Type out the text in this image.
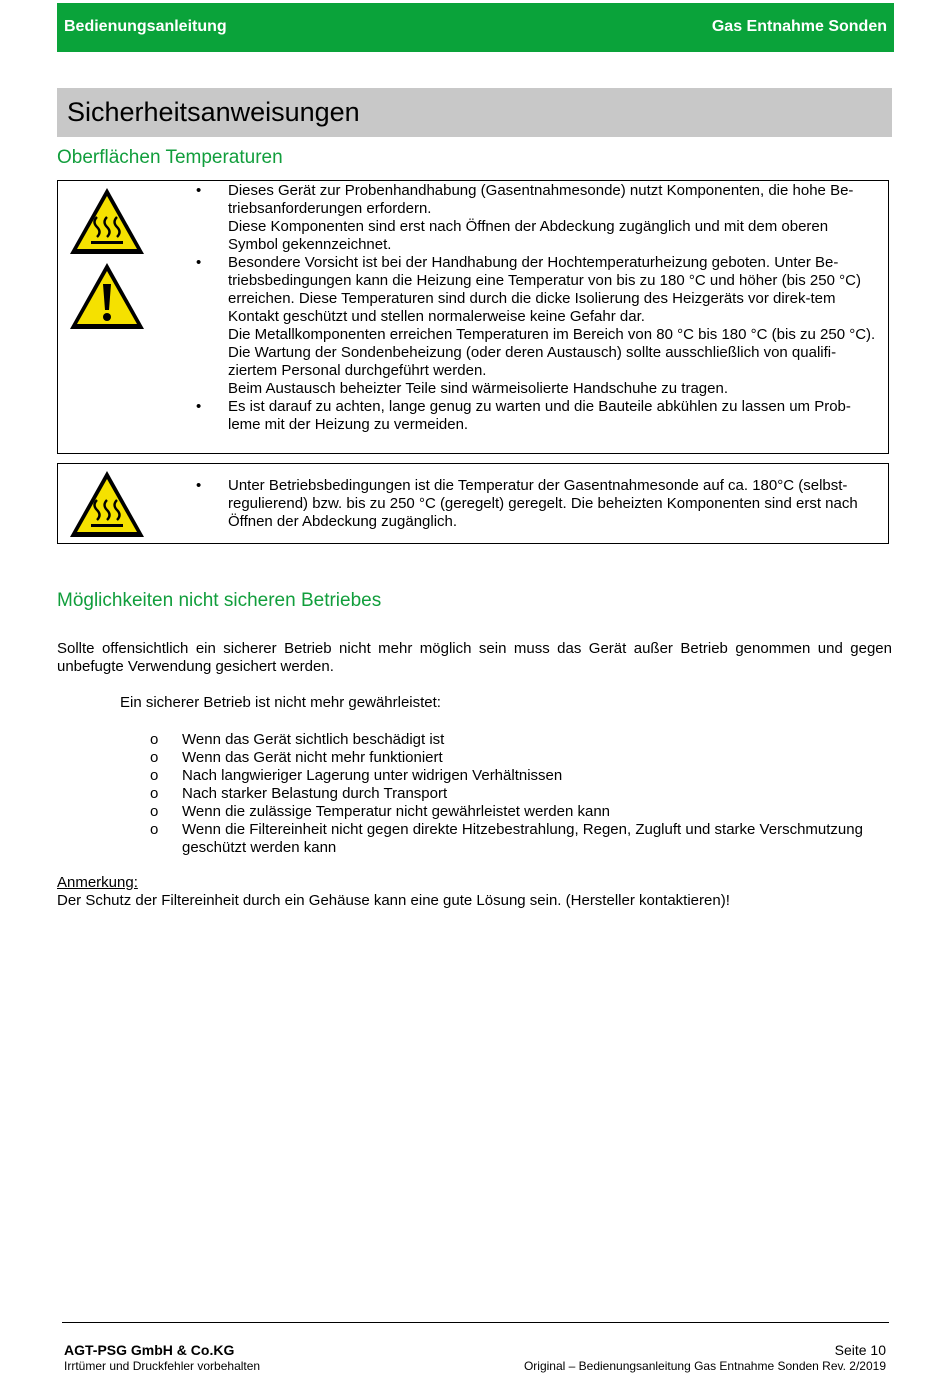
Bedienungsanleitung	Gas Entnahme Sonden
Sicherheitsanweisungen
Oberflächen Temperaturen
• Dieses Gerät zur Probenhandhabung (Gasentnahmesonde) nutzt Komponenten, die hohe Be-triebsanforderungen erfordern.
Diese Komponenten sind erst nach Öffnen der Abdeckung zugänglich und mit dem oberen Symbol gekennzeichnet.
• Besondere Vorsicht ist bei der Handhabung der Hochtemperaturheizung geboten. Unter Be-triebsbedingungen kann die Heizung eine Temperatur von bis zu 180 °C und höher (bis 250 °C) erreichen. Diese Temperaturen sind durch die dicke Isolierung des Heizgeräts vor direk-tem Kontakt geschützt und stellen normalerweise keine Gefahr dar.
Die Metallkomponenten erreichen Temperaturen im Bereich von 80 °C bis 180 °C (bis zu 250 °C).
Die Wartung der Sondenbeheizung (oder deren Austausch) sollte ausschließlich von qualifi-ziertem Personal durchgeführt werden.
Beim Austausch beheizter Teile sind wärmeisolierte Handschuhe zu tragen.
• Es ist darauf zu achten, lange genug zu warten und die Bauteile abkühlen zu lassen um Prob-leme mit der Heizung zu vermeiden.
• Unter Betriebsbedingungen ist die Temperatur der Gasentnahmesonde auf ca. 180°C (selbst-regulierend) bzw. bis zu 250 °C (geregelt) geregelt. Die beheizten Komponenten sind erst nach Öffnen der Abdeckung zugänglich.
Möglichkeiten nicht sicheren Betriebes
Sollte offensichtlich ein sicherer Betrieb nicht mehr möglich sein muss das Gerät außer Betrieb genommen und gegen unbefugte Verwendung gesichert werden.
Ein sicherer Betrieb ist nicht mehr gewährleistet:
o Wenn das Gerät sichtlich beschädigt ist
o Wenn das Gerät nicht mehr funktioniert
o Nach langwieriger Lagerung unter widrigen Verhältnissen
o Nach starker Belastung durch Transport
o Wenn die zulässige Temperatur nicht gewährleistet werden kann
o Wenn die Filtereinheit nicht gegen direkte Hitzebestrahlung, Regen, Zugluft und starke Verschmutzung geschützt werden kann
Anmerkung:
Der Schutz der Filtereinheit durch ein Gehäuse kann eine gute Lösung sein. (Hersteller kontaktieren)!
AGT-PSG GmbH & Co.KG
Irrtümer und Druckfehler vorbehalten
Seite 10
Original – Bedienungsanleitung Gas Entnahme Sonden Rev. 2/2019
